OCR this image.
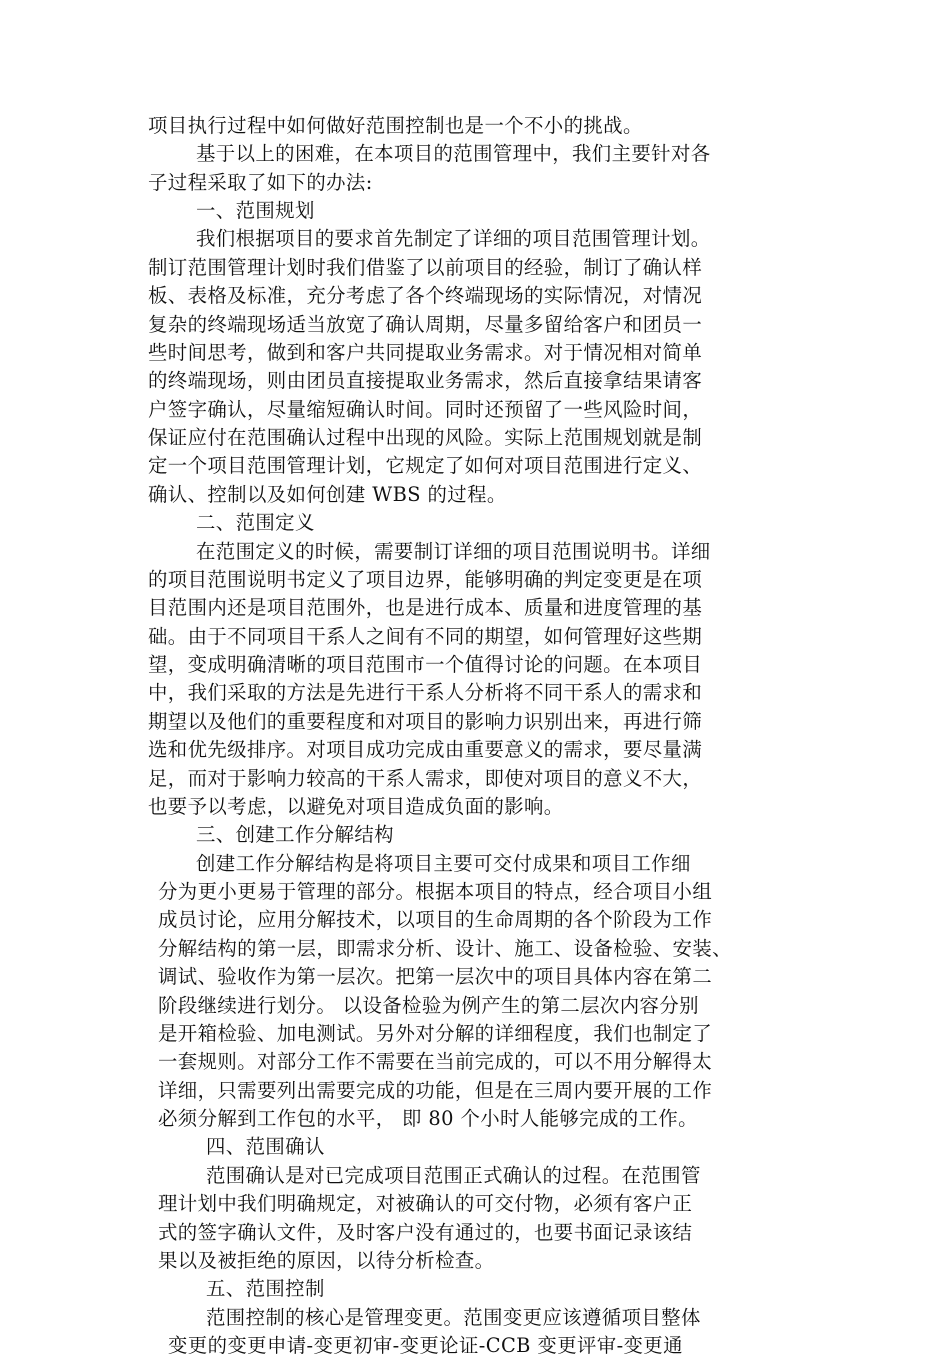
项目执行过程中如何做好范围控制也是一个不小的挑战。
基于以上的困难，在本项目的范围管理中，我们主要针对各
子过程采取了如下的办法:
一、范围规划
我们根据项目的要求首先制定了详细的项目范围管理计划。
制订范围管理计划时我们借鉴了以前项目的经验，制订了确认样
板、表格及标准，充分考虑了各个终端现场的实际情况，对情况
复杂的终端现场适当放宽了确认周期，尽量多留给客户和团员一
些时间思考，做到和客户共同提取业务需求。对于情况相对简单
的终端现场，则由团员直接提取业务需求，然后直接拿结果请客
户签字确认，尽量缩短确认时间。同时还预留了一些风险时间，
保证应付在范围确认过程中出现的风险。实际上范围规划就是制
定一个项目范围管理计划，它规定了如何对项目范围进行定义、
确认、控制以及如何创建 WBS 的过程。
二、范围定义
在范围定义的时候，需要制订详细的项目范围说明书。详细
的项目范围说明书定义了项目边界，能够明确的判定变更是在项
目范围内还是项目范围外，也是进行成本、质量和进度管理的基
础。由于不同项目干系人之间有不同的期望，如何管理好这些期
望，变成明确清晰的项目范围市一个值得讨论的问题。在本项目
中，我们采取的方法是先进行干系人分析将不同干系人的需求和
期望以及他们的重要程度和对项目的影响力识别出来，再进行筛
选和优先级排序。对项目成功完成由重要意义的需求，要尽量满
足，而对于影响力较高的干系人需求，即使对项目的意义不大，
也要予以考虑，以避免对项目造成负面的影响。
三、创建工作分解结构
创建工作分解结构是将项目主要可交付成果和项目工作细
分为更小更易于管理的部分。根据本项目的特点，经合项目小组
成员讨论，应用分解技术，以项目的生命周期的各个阶段为工作
分解结构的第一层，即需求分析、设计、施工、设备检验、安装、
调试、验收作为第一层次。把第一层次中的项目具体内容在第二
阶段继续进行划分。 以设备检验为例产生的第二层次内容分别
是开箱检验、加电测试。另外对分解的详细程度，我们也制定了
一套规则。对部分工作不需要在当前完成的，可以不用分解得太
详细，只需要列出需要完成的功能，但是在三周内要开展的工作
必须分解到工作包的水平， 即 80 个小时人能够完成的工作。
四、范围确认
范围确认是对已完成项目范围正式确认的过程。在范围管
理计划中我们明确规定，对被确认的可交付物，必须有客户正
式的签字确认文件，及时客户没有通过的，也要书面记录该结
果以及被拒绝的原因，以待分析检查。
五、范围控制
范围控制的核心是管理变更。范围变更应该遵循项目整体
变更的变更申请-变更初审-变更论证-CCB 变更评审-变更通
